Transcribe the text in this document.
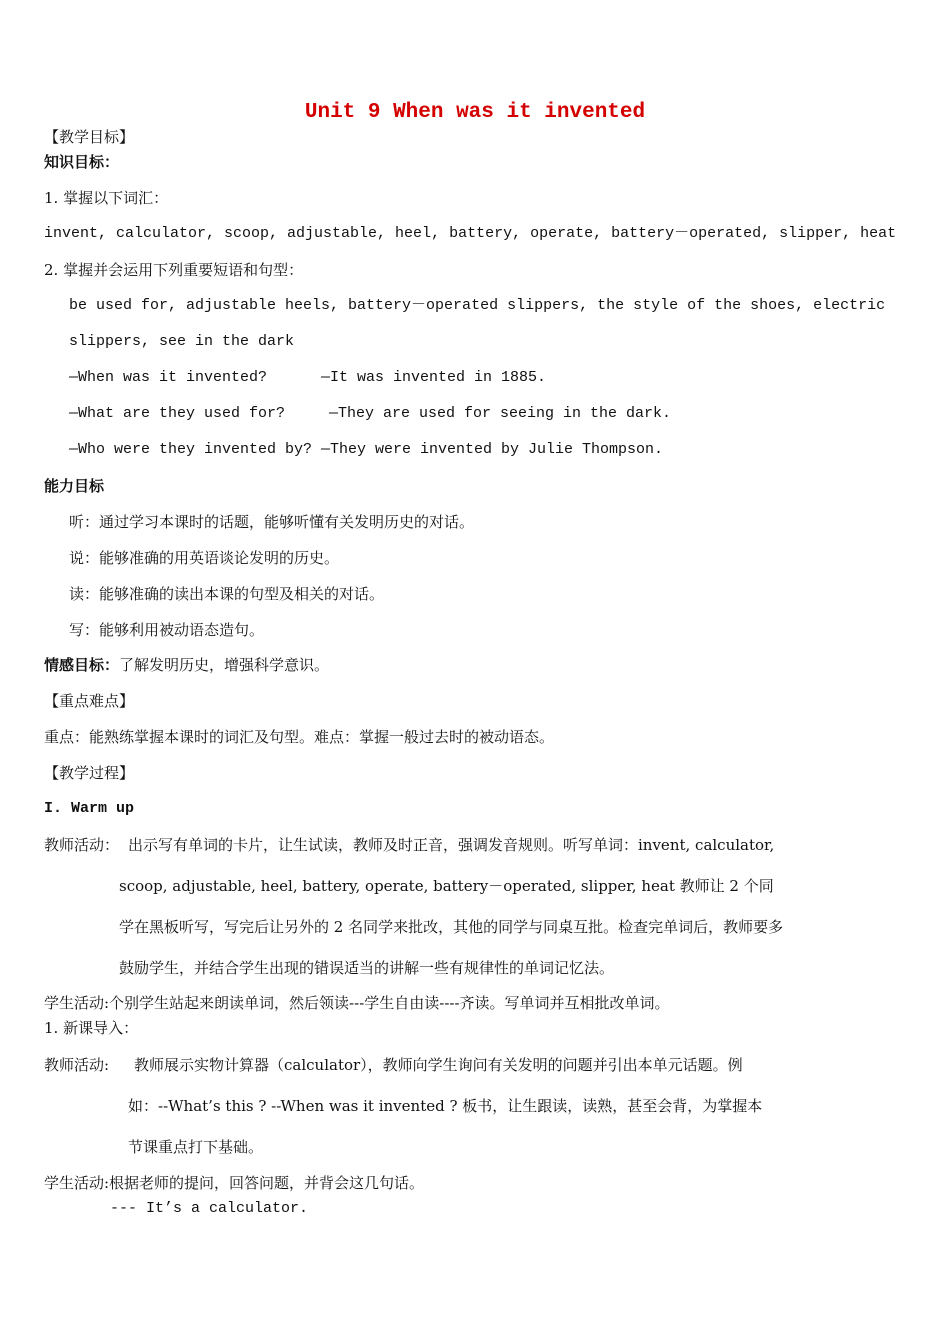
Unit 9 When was it invented
【教学目标】
知识目标：
1. 掌握以下词汇：
invent, calculator, scoop, adjustable, heel, battery, operate, battery－operated, slipper, heat
2. 掌握并会运用下列重要短语和句型：
be used for, adjustable heels, battery－operated slippers, the style of the shoes, electric
slippers, see in the dark
—When was it invented?	—It was invented in 1885.
—What are they used for?	—They are used for seeing in the dark.
—Who were they invented by? —They were invented by Julie Thompson.
能力目标
听：通过学习本课时的话题，能够听懂有关发明历史的对话。
说：能够准确的用英语谈论发明的历史。
读：能够准确的读出本课的句型及相关的对话。
写：能够利用被动语态造句。
情感目标：了解发明历史，增强科学意识。
【重点难点】
重点：能熟练掌握本课时的词汇及句型。难点：掌握一般过去时的被动语态。
【教学过程】
I. Warm up
教师活动： 出示写有单词的卡片，让生试读，教师及时正音，强调发音规则。听写单词：invent, calculator,
scoop, adjustable, heel, battery, operate, battery－operated, slipper, heat 教师让 2 个同
学在黑板听写，写完后让另外的 2 名同学来批改，其他的同学与同桌互批。检查完单词后，教师要多
鼓励学生，并结合学生出现的错误适当的讲解一些有规律性的单词记忆法。
学生活动:个别学生站起来朗读单词，然后领读---学生自由读----齐读。写单词并互相批改单词。
1. 新课导入：
教师活动: 教师展示实物计算器（calculator），教师向学生询问有关发明的问题并引出本单元话题。例
如：--What’s this ? --When was it invented ? 板书，让生跟读，读熟，甚至会背，为掌握本
节课重点打下基础。
学生活动:根据老师的提问，回答问题，并背会这几句话。
--- It’s a calculator.
